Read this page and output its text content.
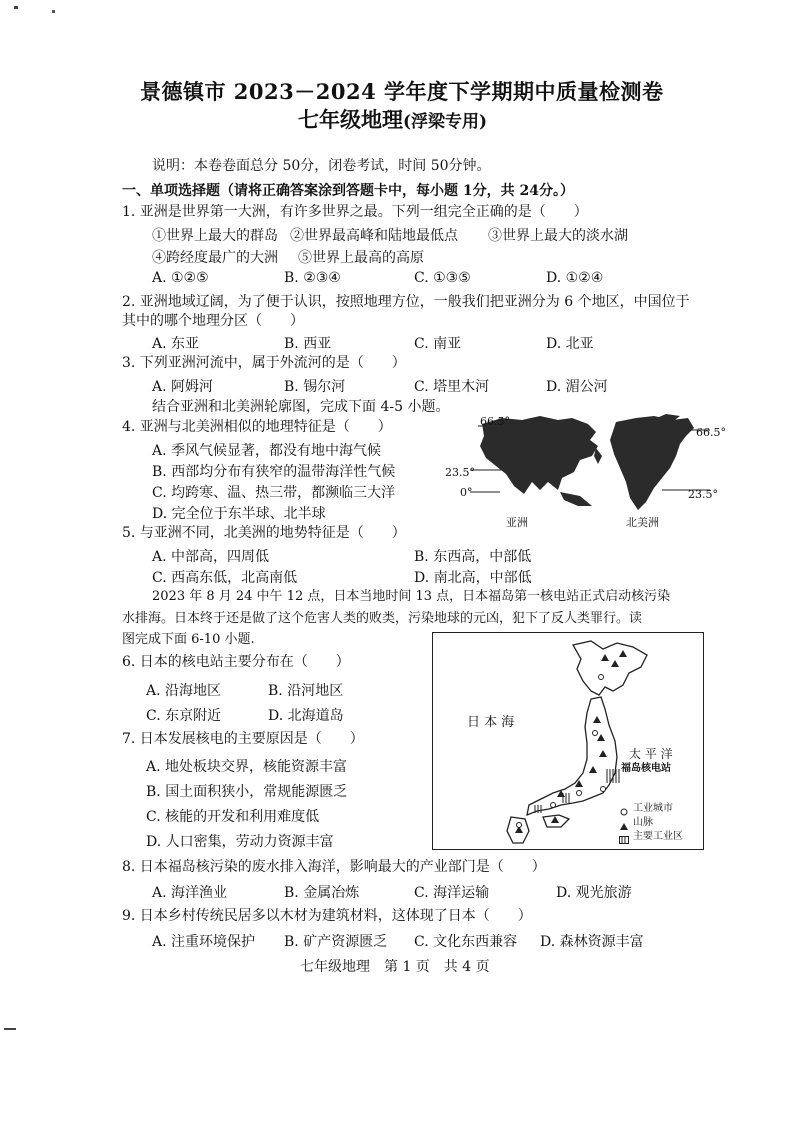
景德镇市 2023－2024 学年度下学期期中质量检测卷
七年级地理(浮梁专用)
说明：本卷卷面总分 50分，闭卷考试，时间 50分钟。
一、单项选择题（请将正确答案涂到答题卡中，每小题 1分，共 24分。）
1. 亚洲是世界第一大洲，有许多世界之最。下列一组完全正确的是（　　）
①世界上最大的群岛 ②世界最高峰和陆地最低点 ③世界上最大的淡水湖
④跨经度最广的大洲 ⑤世界上最高的高原
A. ①②⑤	B. ②③④	C. ①③⑤	D. ①②④
2. 亚洲地域辽阔，为了便于认识，按照地理方位，一般我们把亚洲分为 6 个地区，中国位于
其中的哪个地理分区（　　）
A. 东亚	B. 西亚	C. 南亚	D. 北亚
3. 下列亚洲河流中，属于外流河的是（　　）
A. 阿姆河	B. 锡尔河	C. 塔里木河	D. 湄公河
结合亚洲和北美洲轮廓图，完成下面 4-5 小题。
4. 亚洲与北美洲相似的地理特征是（　　）
A. 季风气候显著，都没有地中海气候
B. 西部均分布有狭窄的温带海洋性气候
C. 均跨寒、温、热三带，都濒临三大洋
D. 完全位于东半球、北半球
66.5°
23.5°
0°
亚洲
66.5°
23.5°
北美洲
5. 与亚洲不同，北美洲的地势特征是（　　）
A. 中部高，四周低	B. 东西高，中部低
C. 西高东低，北高南低	D. 南北高，中部低
2023 年 8 月 24 中午 12 点，日本当地时间 13 点，日本福岛第一核电站正式启动核污染
水排海。日本终于还是做了这个危害人类的败类，污染地球的元凶，犯下了反人类罪行。读
图完成下面 6-10 小题.
6. 日本的核电站主要分布在（　　）
A. 沿海地区	B. 沿河地区
C. 东京附近	D. 北海道岛
7. 日本发展核电的主要原因是（　　）
A. 地处板块交界，核能资源丰富
B. 国土面积狭小，常规能源匮乏
C. 核能的开发和利用难度低
D. 人口密集，劳动力资源丰富
日 本 海
太 平 洋
福岛核电站
工业城市
山脉
主要工业区
8. 日本福岛核污染的废水排入海洋，影响最大的产业部门是（　　）
A. 海洋渔业	B. 金属冶炼	C. 海洋运输	D. 观光旅游
9. 日本乡村传统民居多以木材为建筑材料，这体现了日本（　　）
A. 注重环境保护 B. 矿产资源匮乏 C. 文化东西兼容 D. 森林资源丰富
七年级地理　第 1 页　共 4 页
